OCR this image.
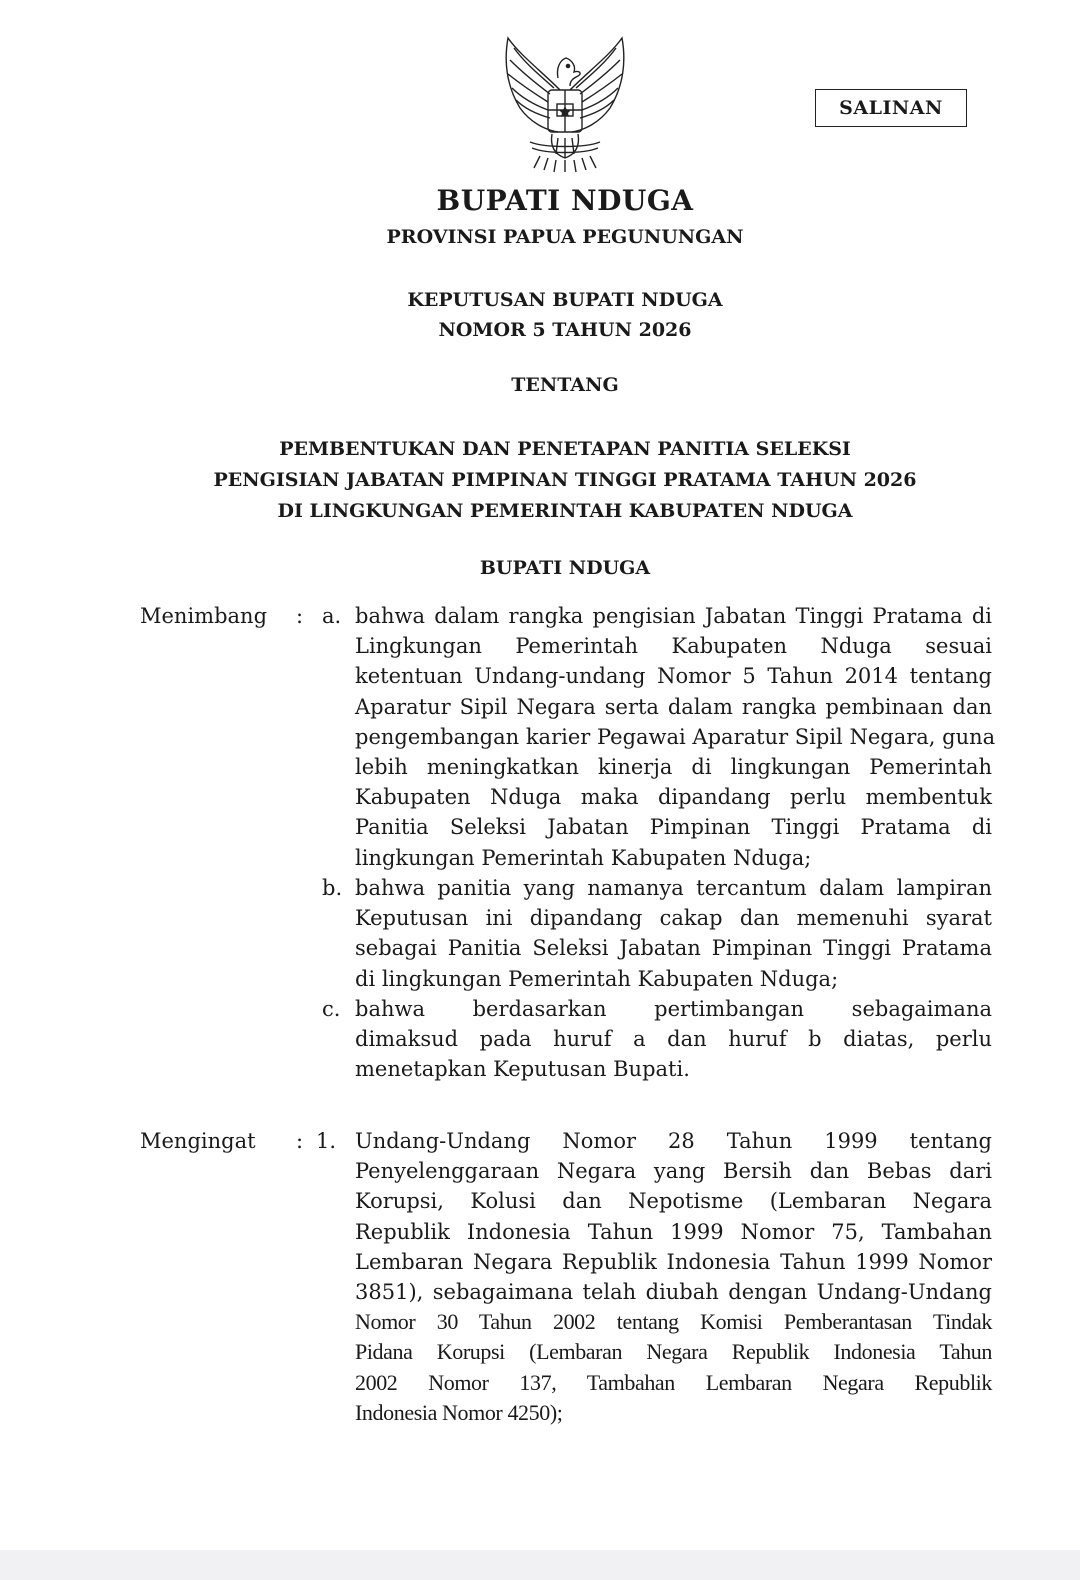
SALINAN
BUPATI NDUGA
PROVINSI PAPUA PEGUNUNGAN
KEPUTUSAN BUPATI NDUGA
NOMOR 5 TAHUN 2026
TENTANG
PEMBENTUKAN DAN PENETAPAN PANITIA SELEKSI
PENGISIAN JABATAN PIMPINAN TINGGI PRATAMA TAHUN 2026
DI LINGKUNGAN PEMERINTAH KABUPATEN NDUGA
BUPATI NDUGA
Menimbang : a. bahwa dalam rangka pengisian Jabatan Tinggi Pratama di
Lingkungan Pemerintah Kabupaten Nduga sesuai
ketentuan Undang-undang Nomor 5 Tahun 2014 tentang
Aparatur Sipil Negara serta dalam rangka pembinaan dan
pengembangan karier Pegawai Aparatur Sipil Negara, guna
lebih meningkatkan kinerja di lingkungan Pemerintah
Kabupaten Nduga maka dipandang perlu membentuk
Panitia Seleksi Jabatan Pimpinan Tinggi Pratama di
lingkungan Pemerintah Kabupaten Nduga;
b. bahwa panitia yang namanya tercantum dalam lampiran
Keputusan ini dipandang cakap dan memenuhi syarat
sebagai Panitia Seleksi Jabatan Pimpinan Tinggi Pratama
di lingkungan Pemerintah Kabupaten Nduga;
c. bahwa berdasarkan pertimbangan sebagaimana
dimaksud pada huruf a dan huruf b diatas, perlu
menetapkan Keputusan Bupati.
Mengingat : 1. Undang-Undang Nomor 28 Tahun 1999 tentang
Penyelenggaraan Negara yang Bersih dan Bebas dari
Korupsi, Kolusi dan Nepotisme (Lembaran Negara
Republik Indonesia Tahun 1999 Nomor 75, Tambahan
Lembaran Negara Republik Indonesia Tahun 1999 Nomor
3851), sebagaimana telah diubah dengan Undang-Undang
Nomor 30 Tahun 2002 tentang Komisi Pemberantasan Tindak
Pidana Korupsi (Lembaran Negara Republik Indonesia Tahun
2002 Nomor 137, Tambahan Lembaran Negara Republik
Indonesia Nomor 4250);
